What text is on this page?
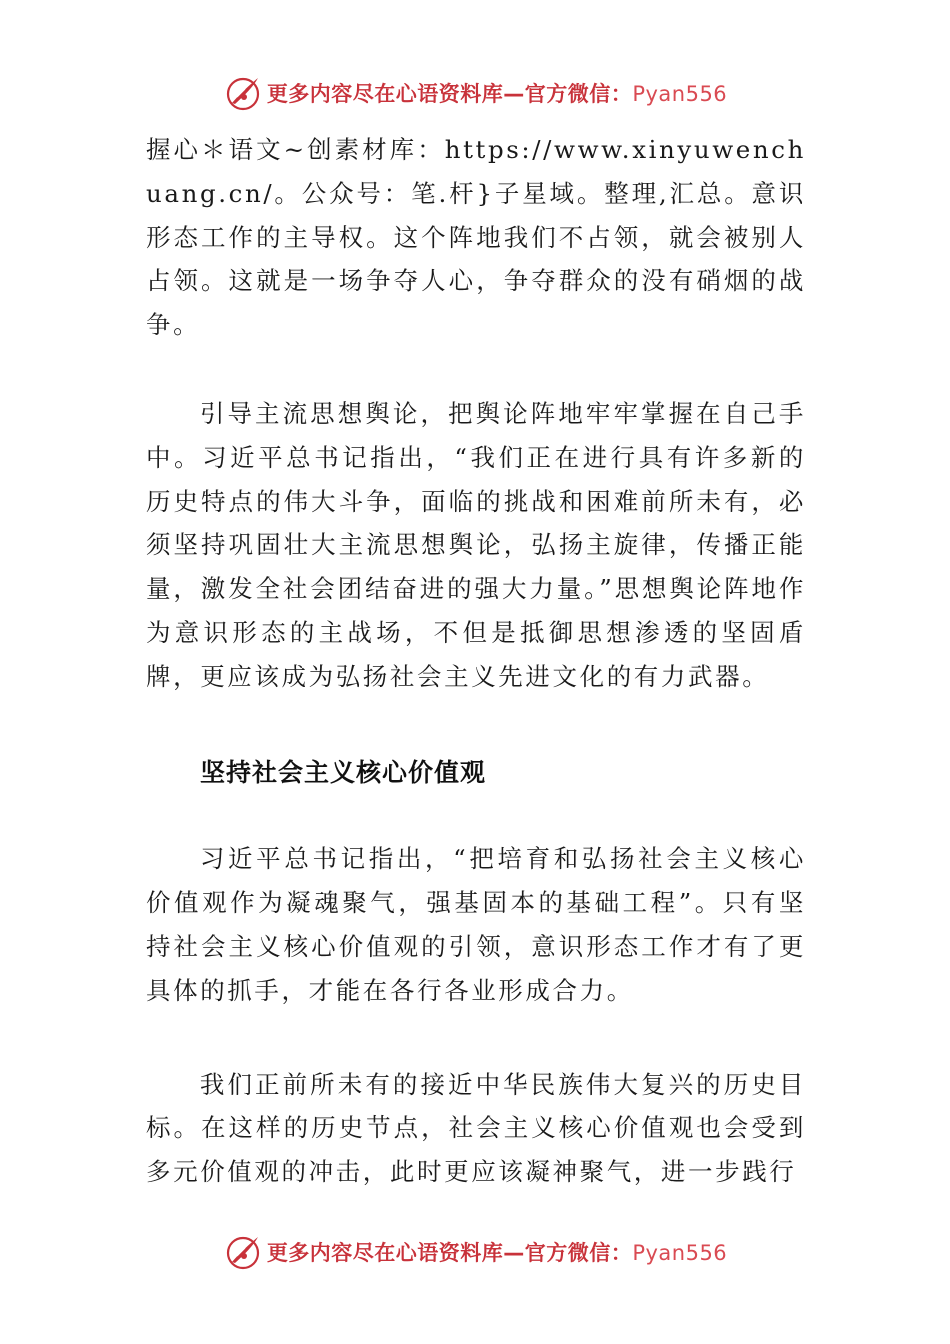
更多内容尽在心语资料库—官方微信：Pyan556

握心＊语文~创素材库：https://www.xinyuwenchuang.cn/。公众号：笔.杆}子星域。整理,汇总。意识形态工作的主导权。这个阵地我们不占领，就会被别人占领。这就是一场争夺人心，争夺群众的没有硝烟的战争。

引导主流思想舆论，把舆论阵地牢牢掌握在自己手中。习近平总书记指出，“我们正在进行具有许多新的历史特点的伟大斗争，面临的挑战和困难前所未有，必须坚持巩固壮大主流思想舆论，弘扬主旋律，传播正能量，激发全社会团结奋进的强大力量。”思想舆论阵地作为意识形态的主战场，不但是抵御思想渗透的坚固盾牌，更应该成为弘扬社会主义先进文化的有力武器。

坚持社会主义核心价值观

习近平总书记指出，“把培育和弘扬社会主义核心价值观作为凝魂聚气，强基固本的基础工程”。只有坚持社会主义核心价值观的引领，意识形态工作才有了更具体的抓手，才能在各行各业形成合力。

我们正前所未有的接近中华民族伟大复兴的历史目标。在这样的历史节点，社会主义核心价值观也会受到多元价值观的冲击，此时更应该凝神聚气，进一步践行

更多内容尽在心语资料库—官方微信：Pyan556
